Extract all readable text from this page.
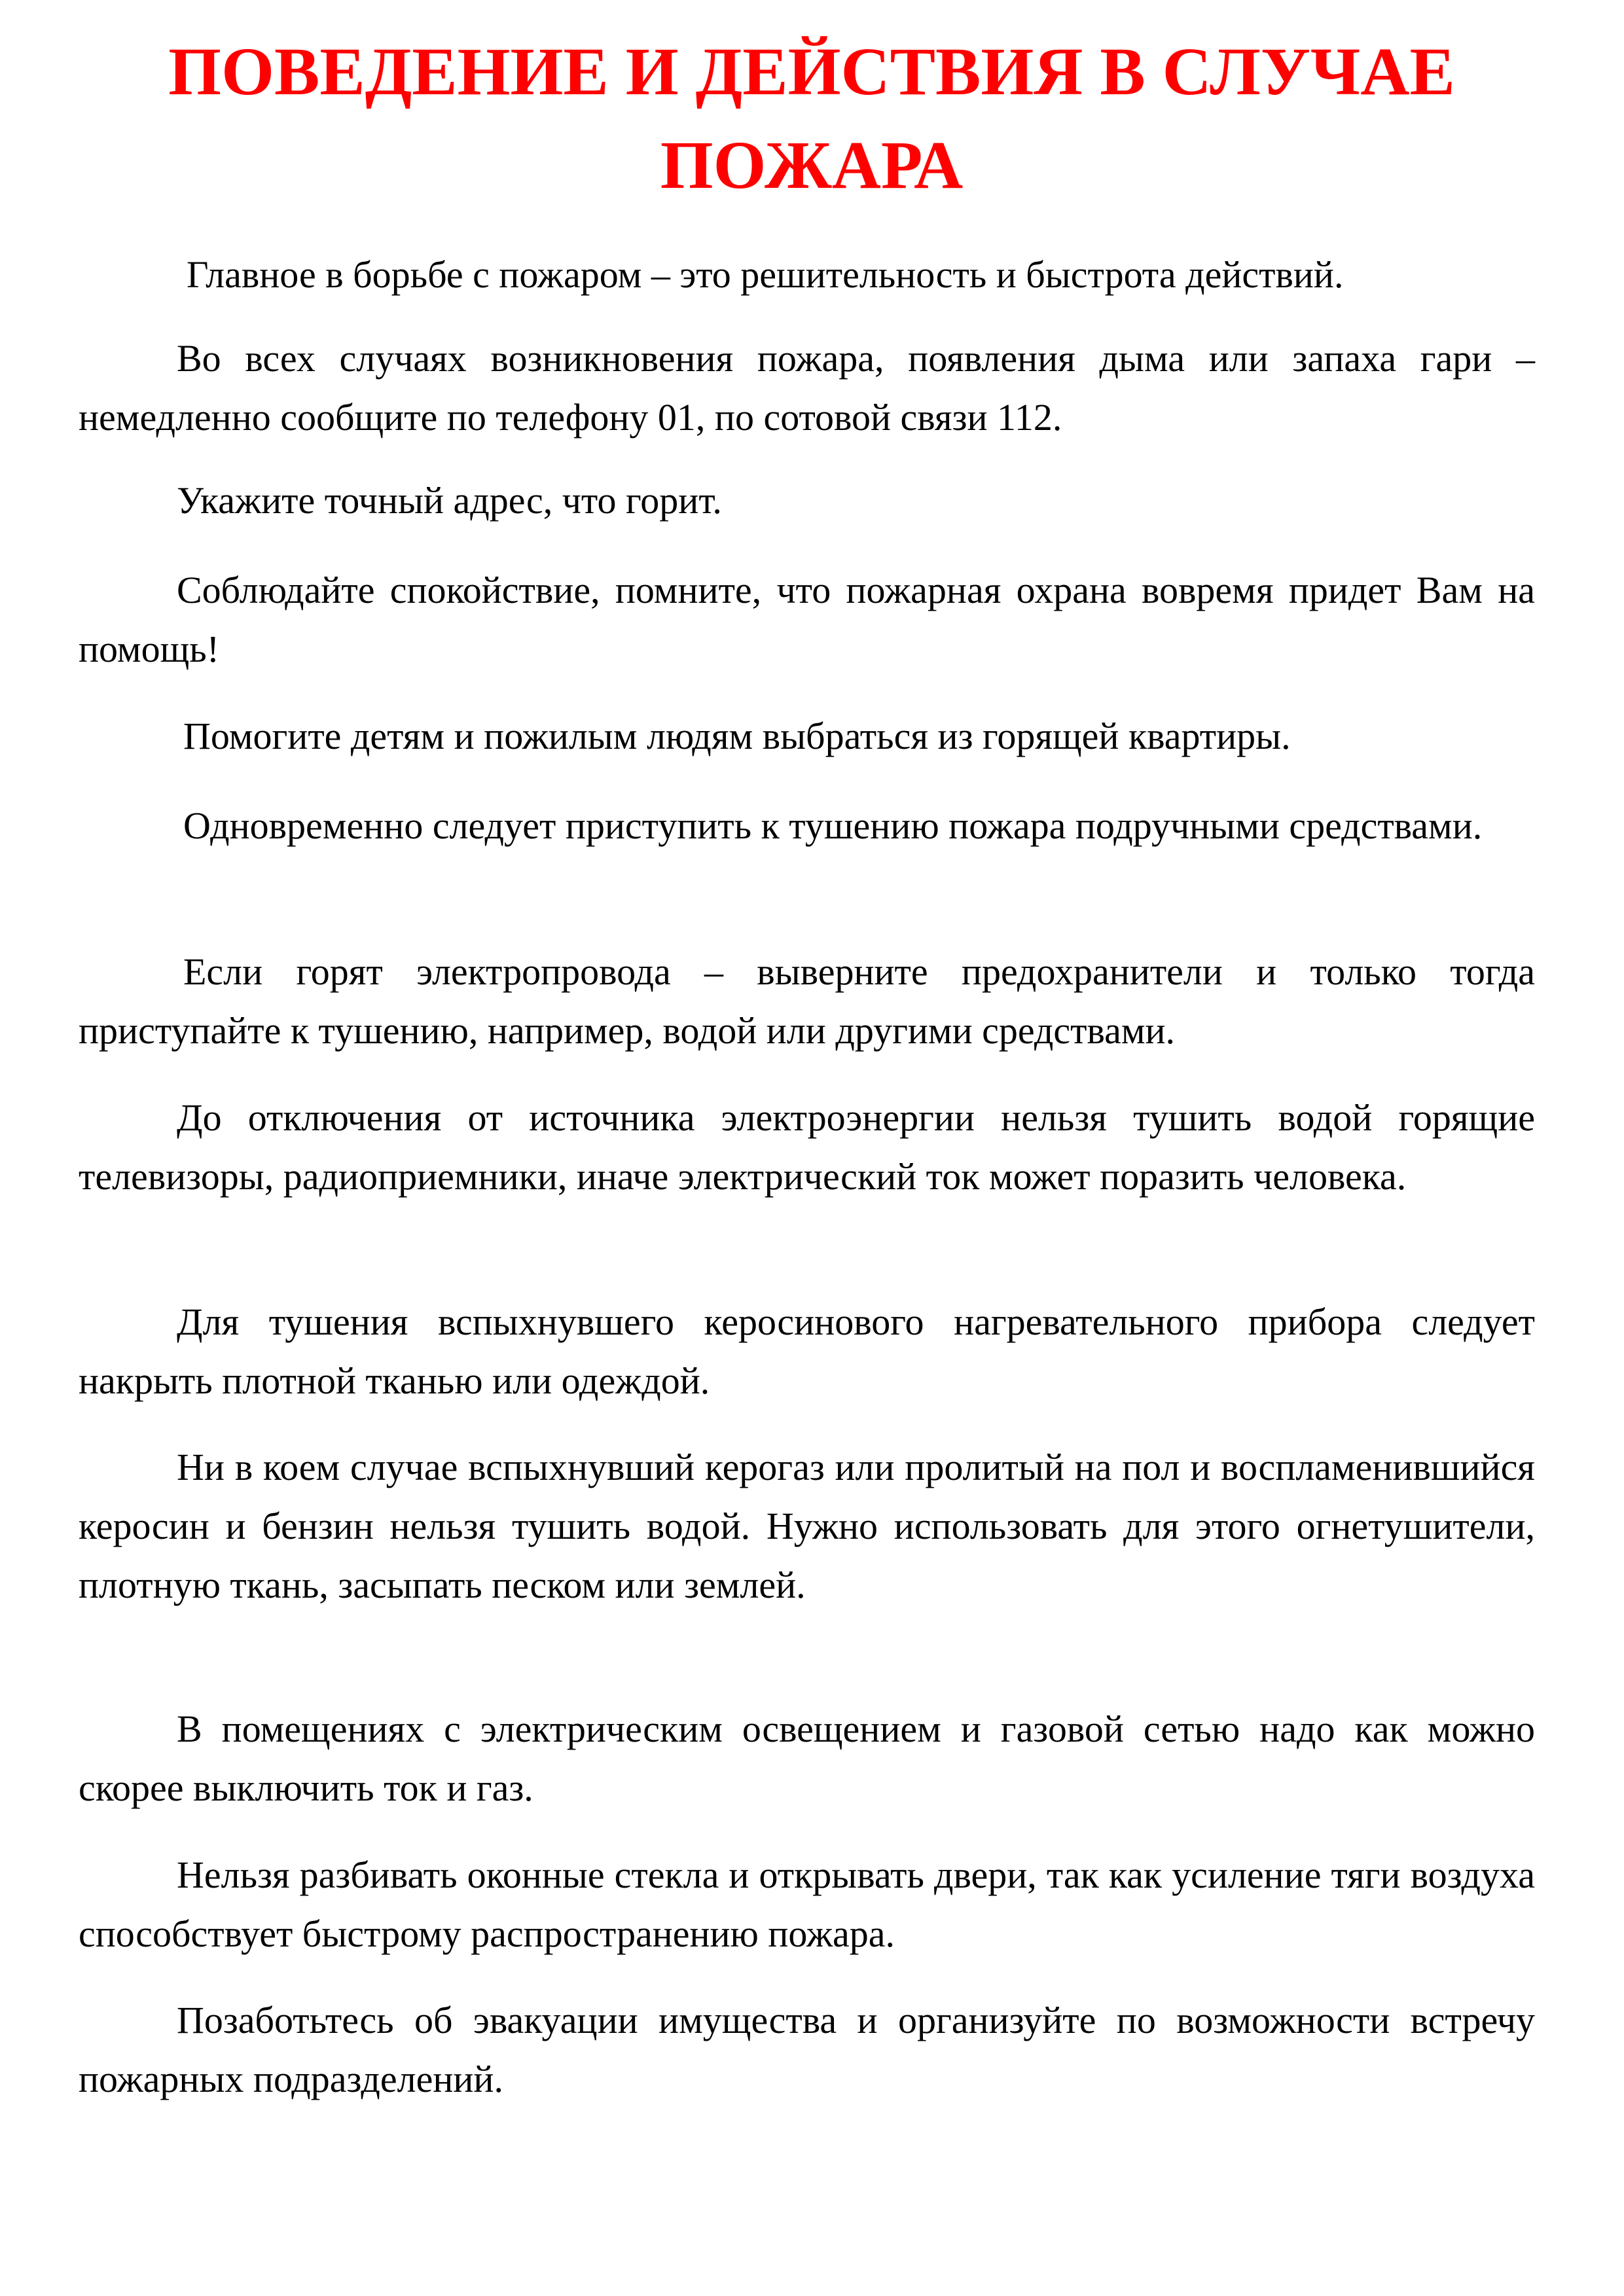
ПОВЕДЕНИЕ И ДЕЙСТВИЯ В СЛУЧАЕ
ПОЖАРА

Главное в борьбе с пожаром – это решительность и быстрота действий.

Во всех случаях возникновения пожара, появления дыма или запаха гари – немедленно сообщите по телефону 01, по сотовой связи 112.

Укажите точный адрес, что горит.

Соблюдайте спокойствие, помните, что пожарная охрана вовремя придет Вам на помощь!

Помогите детям и пожилым людям выбраться из горящей квартиры.

Одновременно следует приступить к тушению пожара подручными средствами.

Если горят электропровода – выверните предохранители и только тогда приступайте к тушению, например, водой или другими средствами.

До отключения от источника электроэнергии нельзя тушить водой горящие телевизоры, радиоприемники, иначе электрический ток может поразить человека.

Для тушения вспыхнувшего керосинового нагревательного прибора следует накрыть плотной тканью или одеждой.

Ни в коем случае вспыхнувший керогаз или пролитый на пол и воспламенившийся керосин и бензин нельзя тушить водой. Нужно использовать для этого огнетушители, плотную ткань, засыпать песком или землей.

В помещениях с электрическим освещением и газовой сетью надо как можно скорее выключить ток и газ.

Нельзя разбивать оконные стекла и открывать двери, так как усиление тяги воздуха способствует быстрому распространению пожара.

Позаботьтесь об эвакуации имущества и организуйте по возможности встречу пожарных подразделений.
